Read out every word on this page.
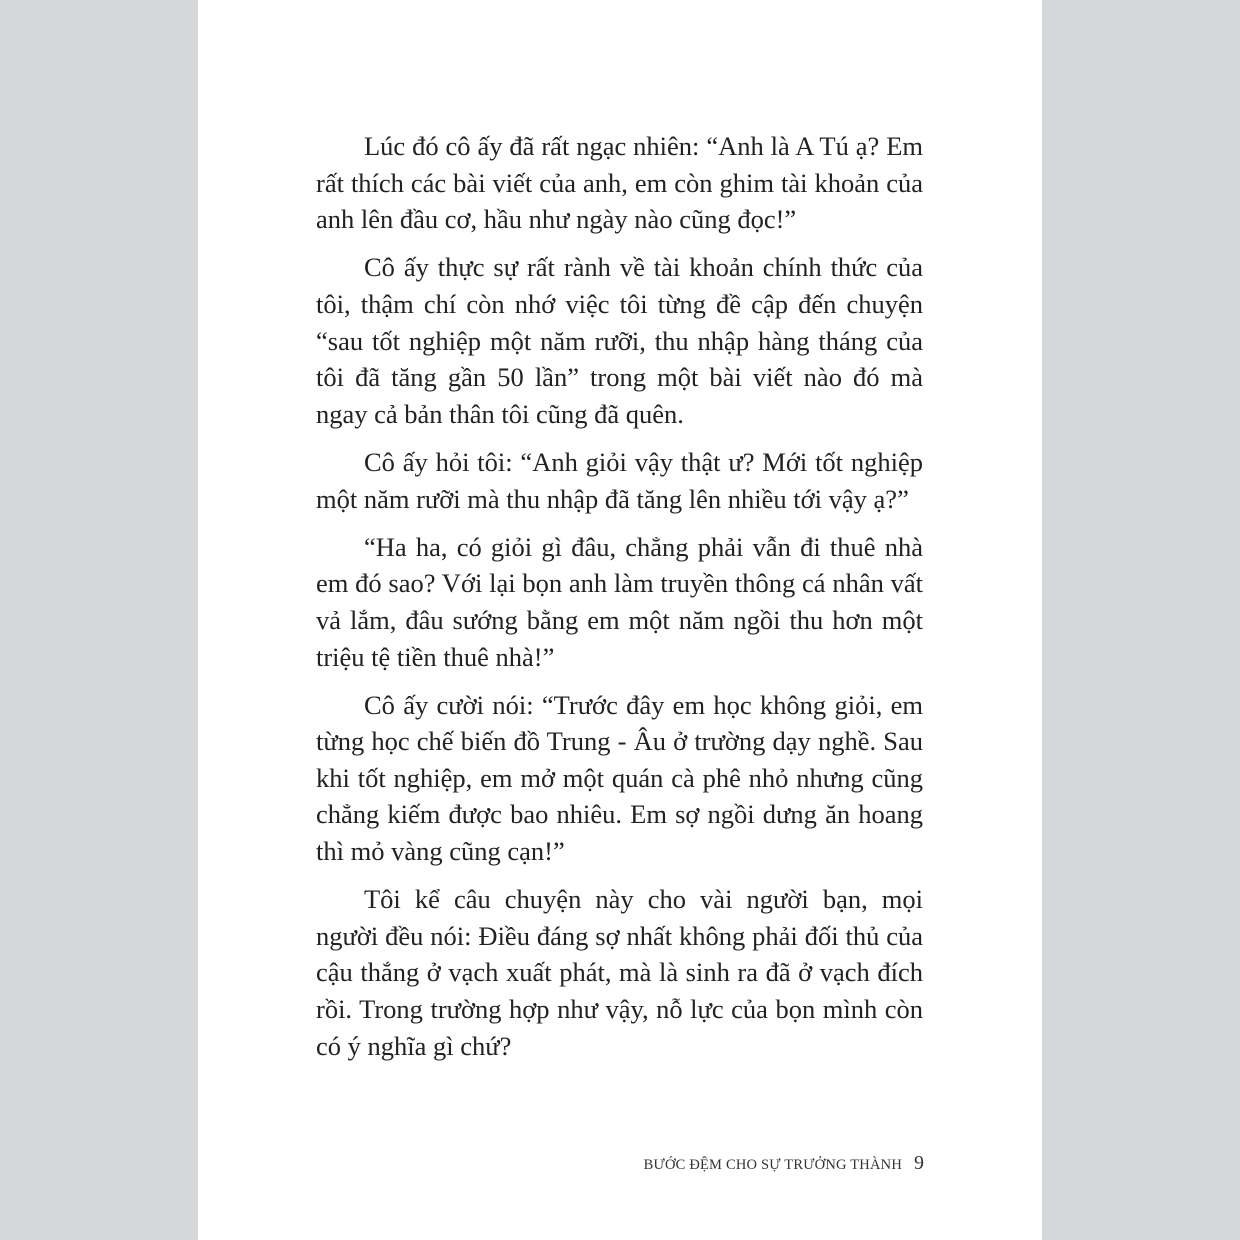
Lúc đó cô ấy đã rất ngạc nhiên: “Anh là A Tú ạ? Em rất thích các bài viết của anh, em còn ghim tài khoản của anh lên đầu cơ, hầu như ngày nào cũng đọc!”

Cô ấy thực sự rất rành về tài khoản chính thức của tôi, thậm chí còn nhớ việc tôi từng đề cập đến chuyện “sau tốt nghiệp một năm rưỡi, thu nhập hàng tháng của tôi đã tăng gần 50 lần” trong một bài viết nào đó mà ngay cả bản thân tôi cũng đã quên.

Cô ấy hỏi tôi: “Anh giỏi vậy thật ư? Mới tốt nghiệp một năm rưỡi mà thu nhập đã tăng lên nhiều tới vậy ạ?”

“Ha ha, có giỏi gì đâu, chẳng phải vẫn đi thuê nhà em đó sao? Với lại bọn anh làm truyền thông cá nhân vất vả lắm, đâu sướng bằng em một năm ngồi thu hơn một triệu tệ tiền thuê nhà!”

Cô ấy cười nói: “Trước đây em học không giỏi, em từng học chế biến đồ Trung - Âu ở trường dạy nghề. Sau khi tốt nghiệp, em mở một quán cà phê nhỏ nhưng cũng chẳng kiếm được bao nhiêu. Em sợ ngồi dưng ăn hoang thì mỏ vàng cũng cạn!”

Tôi kể câu chuyện này cho vài người bạn, mọi người đều nói: Điều đáng sợ nhất không phải đối thủ của cậu thắng ở vạch xuất phát, mà là sinh ra đã ở vạch đích rồi. Trong trường hợp như vậy, nỗ lực của bọn mình còn có ý nghĩa gì chứ?

BƯỚC ĐỆM CHO SỰ TRƯỞNG THÀNH 9
